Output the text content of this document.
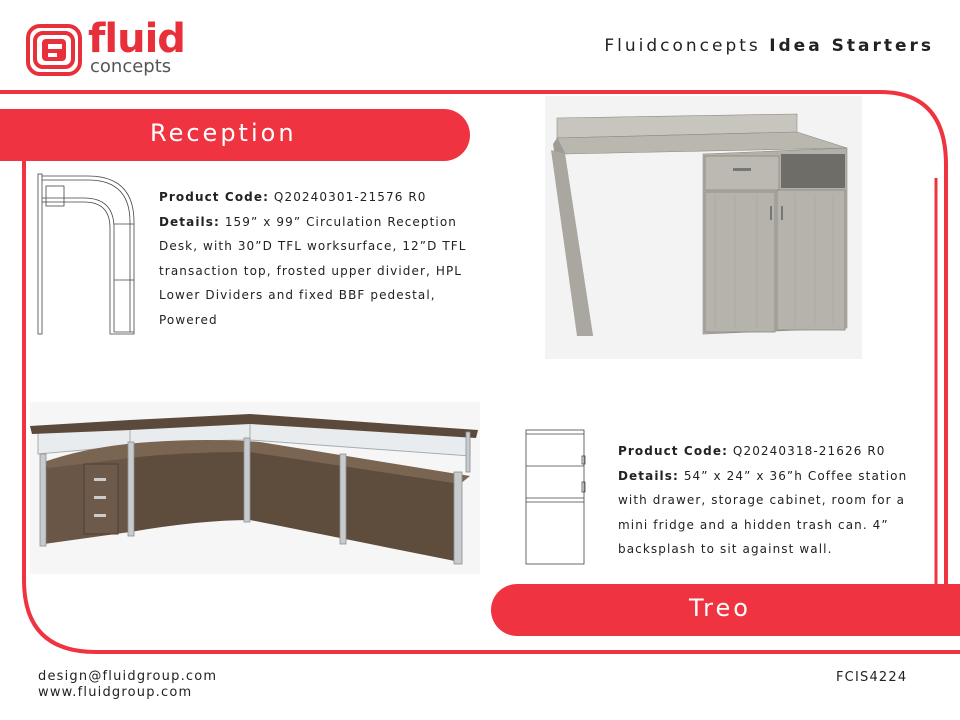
fluid
concepts
Fluidconcepts Idea Starters
Reception
Product Code: Q20240301-21576 R0
Details: 159” x 99” Circulation Reception Desk, with 30”D TFL worksurface, 12”D TFL transaction top, frosted upper divider, HPL Lower Dividers and fixed BBF pedestal, Powered
Product Code: Q20240318-21626 R0
Details: 54” x 24” x 36”h Coffee station with drawer, storage cabinet, room for a mini fridge and a hidden trash can. 4” backsplash to sit against wall.
Treo
design@fluidgroup.com
www.fluidgroup.com
FCIS4224
